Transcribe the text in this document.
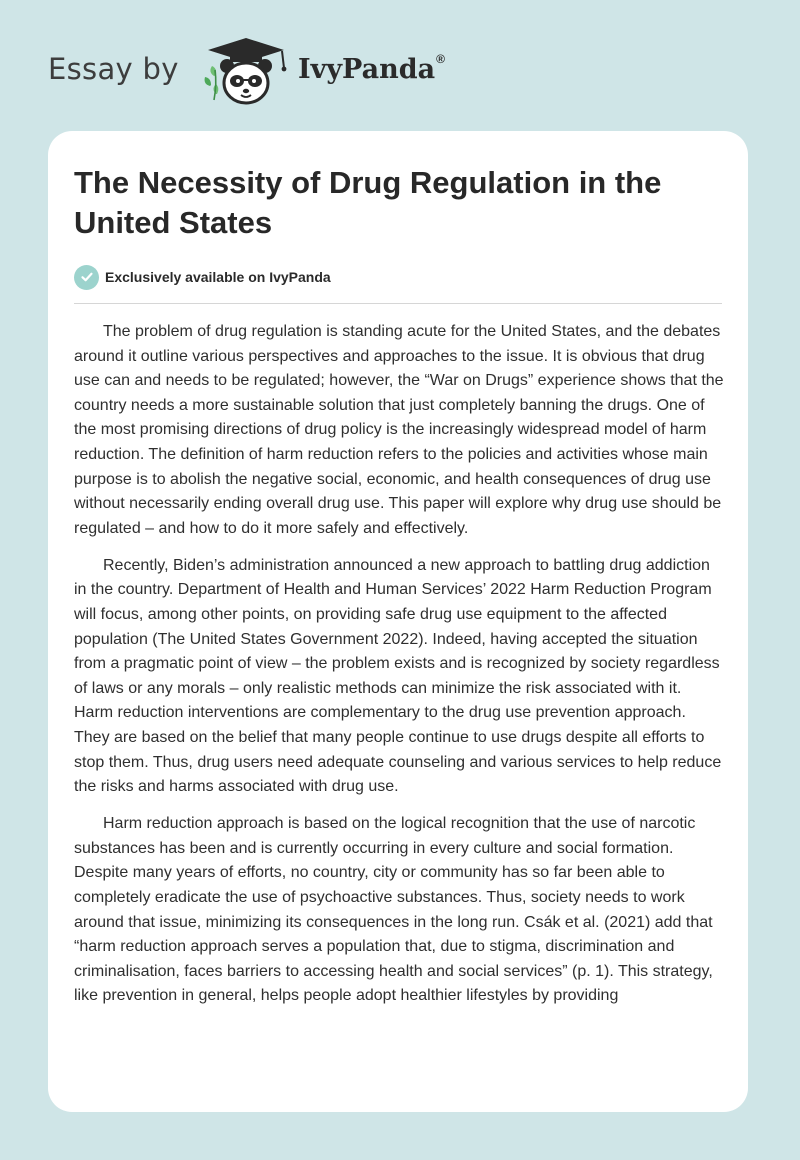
Essay by	IvyPanda®
The Necessity of Drug Regulation in the United States
Exclusively available on IvyPanda

The problem of drug regulation is standing acute for the United States, and the debates around it outline various perspectives and approaches to the issue. It is obvious that drug use can and needs to be regulated; however, the “War on Drugs” experience shows that the country needs a more sustainable solution that just completely banning the drugs. One of the most promising directions of drug policy is the increasingly widespread model of harm reduction. The definition of harm reduction refers to the policies and activities whose main purpose is to abolish the negative social, economic, and health consequences of drug use without necessarily ending overall drug use. This paper will explore why drug use should be regulated – and how to do it more safely and effectively.

Recently, Biden’s administration announced a new approach to battling drug addiction in the country. Department of Health and Human Services’ 2022 Harm Reduction Program will focus, among other points, on providing safe drug use equipment to the affected population (The United States Government 2022). Indeed, having accepted the situation from a pragmatic point of view – the problem exists and is recognized by society regardless of laws or any morals – only realistic methods can minimize the risk associated with it. Harm reduction interventions are complementary to the drug use prevention approach. They are based on the belief that many people continue to use drugs despite all efforts to stop them. Thus, drug users need adequate counseling and various services to help reduce the risks and harms associated with drug use.

Harm reduction approach is based on the logical recognition that the use of narcotic substances has been and is currently occurring in every culture and social formation. Despite many years of efforts, no country, city or community has so far been able to completely eradicate the use of psychoactive substances. Thus, society needs to work around that issue, minimizing its consequences in the long run. Csák et al. (2021) add that “harm reduction approach serves a population that, due to stigma, discrimination and criminalisation, faces barriers to accessing health and social services” (p. 1). This strategy, like prevention in general, helps people adopt healthier lifestyles by providing
